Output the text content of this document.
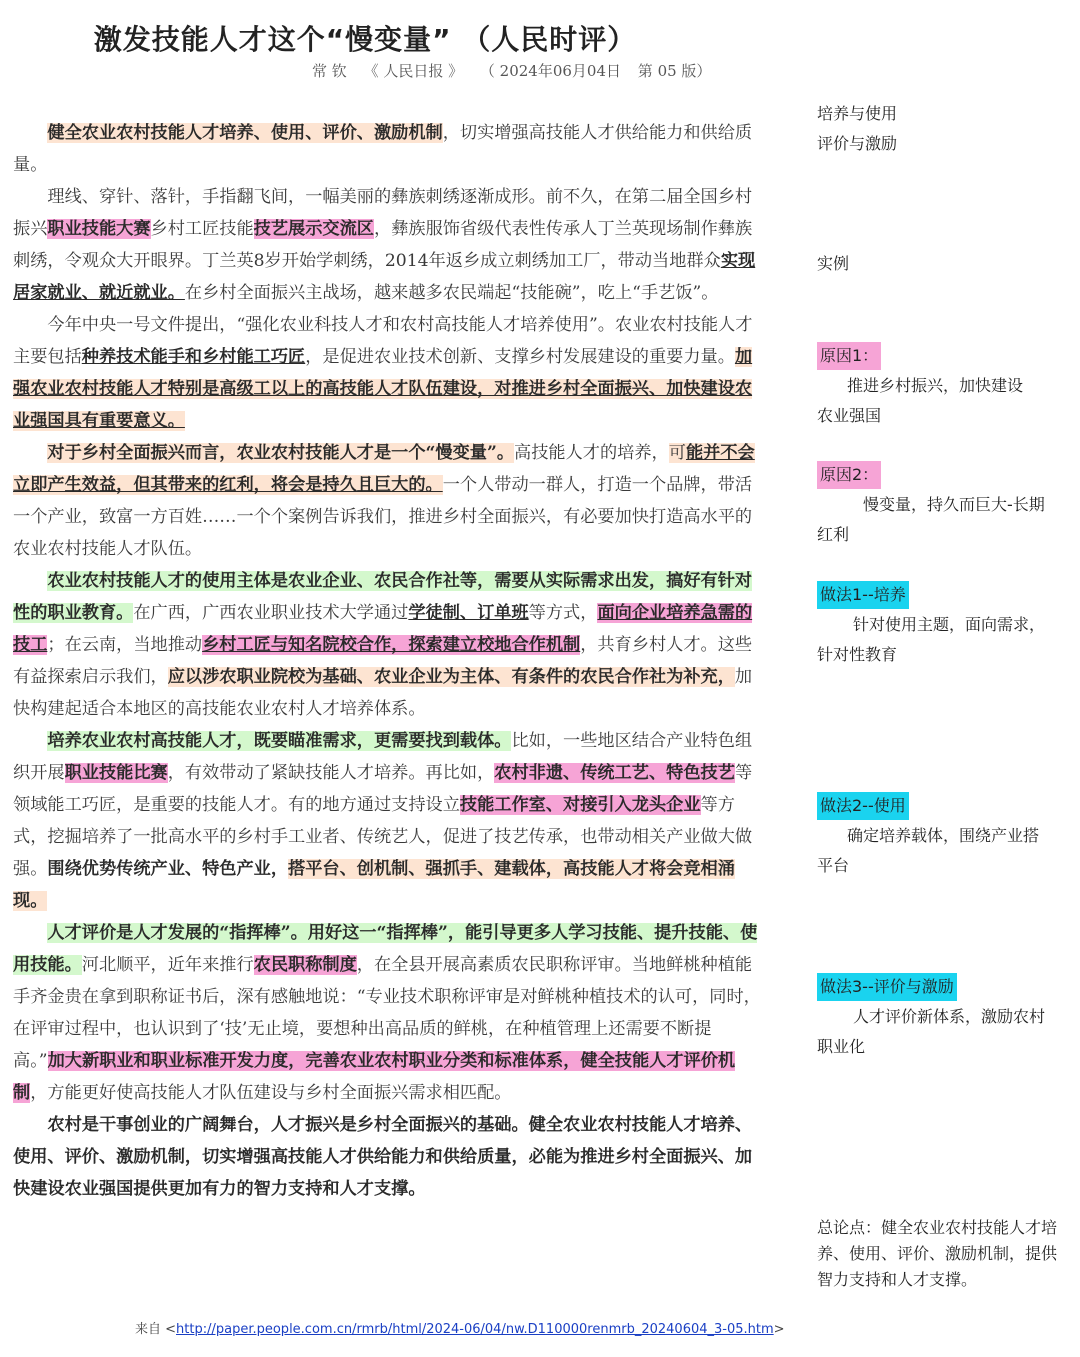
激发技能人才这个“慢变量” （人民时评）
常 钦 《 人民日报 》 （ 2024年06月04日 第 05 版）

健全农业农村技能人才培养、使用、评价、激励机制，切实增强高技能人才供给能力和供给质量。

理线、穿针、落针，手指翻飞间，一幅美丽的彝族刺绣逐渐成形。前不久，在第二届全国乡村振兴职业技能大赛乡村工匠技能技艺展示交流区，彝族服饰省级代表性传承人丁兰英现场制作彝族刺绣，令观众大开眼界。丁兰英8岁开始学刺绣，2014年返乡成立刺绣加工厂，带动当地群众实现居家就业、就近就业。在乡村全面振兴主战场，越来越多农民端起“技能碗”，吃上“手艺饭”。

今年中央一号文件提出，“强化农业科技人才和农村高技能人才培养使用”。农业农村技能人才主要包括种养技术能手和乡村能工巧匠，是促进农业技术创新、支撑乡村发展建设的重要力量。加强农业农村技能人才特别是高级工以上的高技能人才队伍建设，对推进乡村全面振兴、加快建设农业强国具有重要意义。

对于乡村全面振兴而言，农业农村技能人才是一个“慢变量”。高技能人才的培养，可能并不会立即产生效益，但其带来的红利，将会是持久且巨大的。一个人带动一群人，打造一个品牌，带活一个产业，致富一方百姓……一个个案例告诉我们，推进乡村全面振兴，有必要加快打造高水平的农业农村技能人才队伍。

农业农村技能人才的使用主体是农业企业、农民合作社等，需要从实际需求出发，搞好有针对性的职业教育。在广西，广西农业职业技术大学通过学徒制、订单班等方式，面向企业培养急需的技工；在云南，当地推动乡村工匠与知名院校合作，探索建立校地合作机制，共育乡村人才。这些有益探索启示我们，应以涉农职业院校为基础、农业企业为主体、有条件的农民合作社为补充，加快构建起适合本地区的高技能农业农村人才培养体系。

培养农业农村高技能人才，既要瞄准需求，更需要找到载体。比如，一些地区结合产业特色组织开展职业技能比赛，有效带动了紧缺技能人才培养。再比如，农村非遗、传统工艺、特色技艺等领域能工巧匠，是重要的技能人才。有的地方通过支持设立技能工作室、对接引入龙头企业等方式，挖掘培养了一批高水平的乡村手工业者、传统艺人，促进了技艺传承，也带动相关产业做大做强。围绕优势传统产业、特色产业，搭平台、创机制、强抓手、建载体，高技能人才将会竞相涌现。

人才评价是人才发展的“指挥棒”。用好这一“指挥棒”，能引导更多人学习技能、提升技能、使用技能。河北顺平，近年来推行农民职称制度，在全县开展高素质农民职称评审。当地鲜桃种植能手齐金贵在拿到职称证书后，深有感触地说：“专业技术职称评审是对鲜桃种植技术的认可，同时，在评审过程中，也认识到了‘技’无止境，要想种出高品质的鲜桃，在种植管理上还需要不断提高。”加大新职业和职业标准开发力度，完善农业农村职业分类和标准体系，健全技能人才评价机制，方能更好使高技能人才队伍建设与乡村全面振兴需求相匹配。

农村是干事创业的广阔舞台，人才振兴是乡村全面振兴的基础。健全农业农村技能人才培养、使用、评价、激励机制，切实增强高技能人才供给能力和供给质量，必能为推进乡村全面振兴、加快建设农业强国提供更加有力的智力支持和人才支撑。

来自 <http://paper.people.com.cn/rmrb/html/2024-06/04/nw.D110000renmrb_20240604_3-05.htm>
培养与使用
评价与激励
实例
原因1：
推进乡村振兴，加快建设
农业强国
原因2：
慢变量，持久而巨大-长期
红利
做法1--培养
针对使用主题，面向需求，
针对性教育
做法2--使用
确定培养载体，围绕产业搭
平台
做法3--评价与激励
人才评价新体系，激励农村
职业化
总论点：健全农业农村技能人才培养、使用、评价、激励机制，提供智力支持和人才支撑。
